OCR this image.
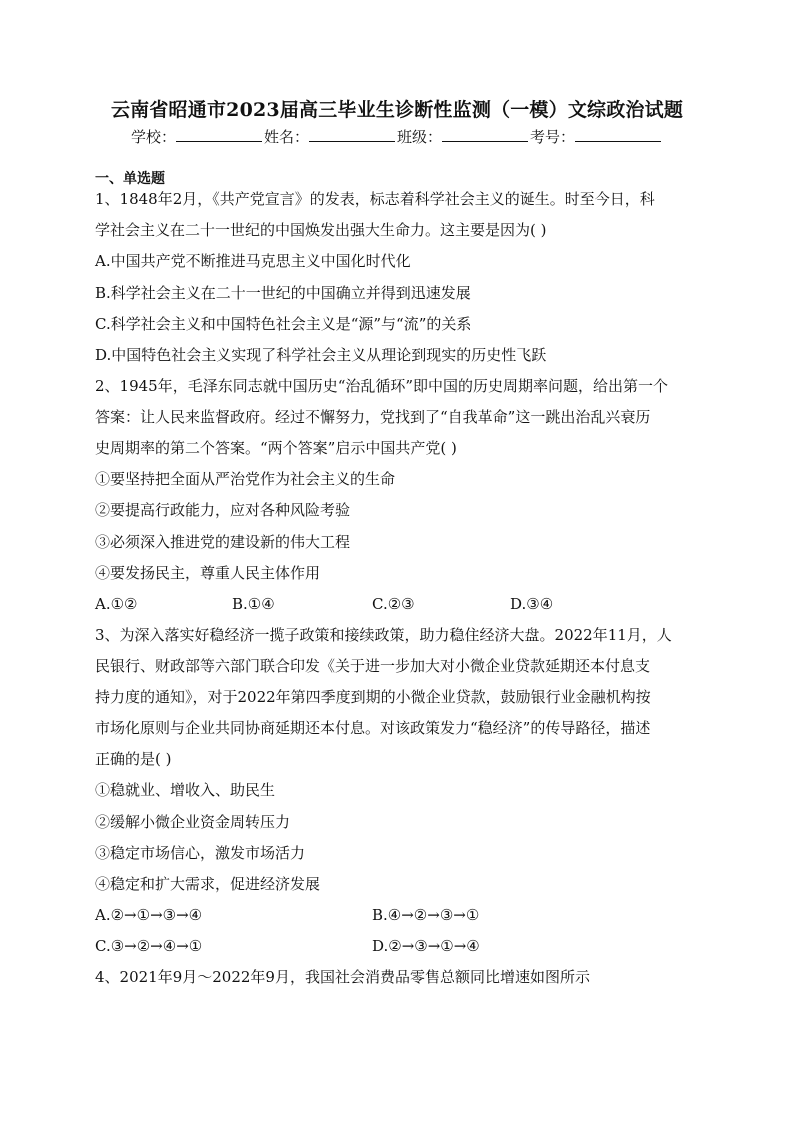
云南省昭通市2023届高三毕业生诊断性监测（一模）文综政治试题
学校：	姓名：	班级：	考号：
一、单选题
1、1848年2月，《共产党宣言》的发表，标志着科学社会主义的诞生。时至今日，科
学社会主义在二十一世纪的中国焕发出强大生命力。这主要是因为( )
A.中国共产党不断推进马克思主义中国化时代化
B.科学社会主义在二十一世纪的中国确立并得到迅速发展
C.科学社会主义和中国特色社会主义是“源”与“流”的关系
D.中国特色社会主义实现了科学社会主义从理论到现实的历史性飞跃
2、1945年，毛泽东同志就中国历史“治乱循环”即中国的历史周期率问题，给出第一个
答案：让人民来监督政府。经过不懈努力，党找到了“自我革命”这一跳出治乱兴衰历
史周期率的第二个答案。“两个答案”启示中国共产党( )
①要坚持把全面从严治党作为社会主义的生命
②要提高行政能力，应对各种风险考验
③必须深入推进党的建设新的伟大工程
④要发扬民主，尊重人民主体作用
A.①②	B.①④	C.②③	D.③④
3、为深入落实好稳经济一揽子政策和接续政策，助力稳住经济大盘。2022年11月，人
民银行、财政部等六部门联合印发《关于进一步加大对小微企业贷款延期还本付息支
持力度的通知》，对于2022年第四季度到期的小微企业贷款，鼓励银行业金融机构按
市场化原则与企业共同协商延期还本付息。对该政策发力“稳经济”的传导路径，描述
正确的是( )
①稳就业、增收入、助民生
②缓解小微企业资金周转压力
③稳定市场信心，激发市场活力
④稳定和扩大需求，促进经济发展
A.②→①→③→④	B.④→②→③→①
C.③→②→④→①	D.②→③→①→④
4、2021年9月～2022年9月，我国社会消费品零售总额同比增速如图所示
